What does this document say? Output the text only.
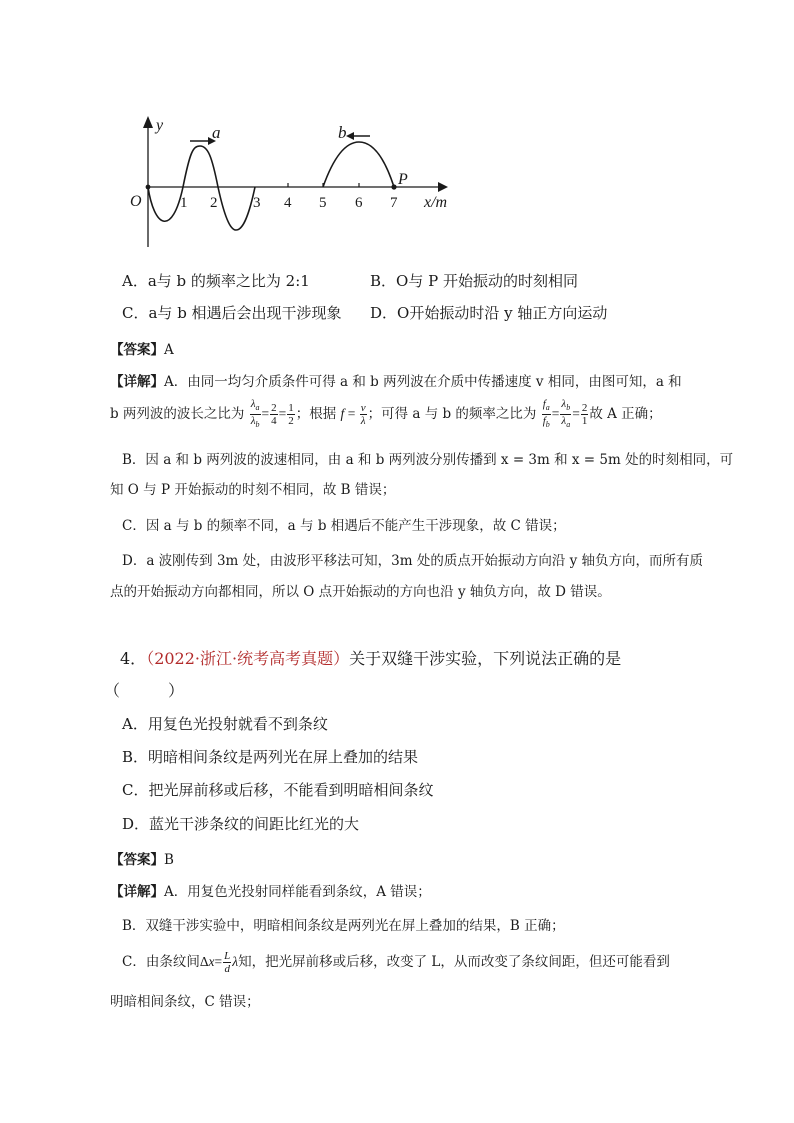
y
x/m
O	1 2 3 4 5 6 7
a	b
P
A．a与 b 的频率之比为 2:1	B．O与 P 开始振动的时刻相同
C．a与 b 相遇后会出现干涉现象 D．O开始振动时沿 y 轴正方向运动
【答案】A
【详解】A．由同一均匀介质条件可得 a 和 b 两列波在介质中传播速度 v 相同，由图可知，a 和
b 两列波的波长之比为 $\frac{\lambda_a}{\lambda_b} = \frac{2}{4} = \frac{1}{2}$ ；根据 $f = \frac{v}{\lambda}$ ；可得 a 与 b 的频率之比为 $\frac{f_a}{f_b} = \frac{\lambda_b}{\lambda_a} = \frac{2}{1}$ 故 A 正确；
B．因 a 和 b 两列波的波速相同，由 a 和 b 两列波分别传播到 x = 3m 和 x = 5m 处的时刻相同，可
知 O 与 P 开始振动的时刻不相同，故 B 错误；
C．因 a 与 b 的频率不同，a 与 b 相遇后不能产生干涉现象，故 C 错误；
D．a 波刚传到 3m 处，由波形平移法可知，3m 处的质点开始振动方向沿 y 轴负方向，而所有质
点的开始振动方向都相同，所以 O 点开始振动的方向也沿 y 轴负方向，故 D 错误。
4．（2022·浙江·统考高考真题）关于双缝干涉实验，下列说法正确的是
（　　　）
A．用复色光投射就看不到条纹
B．明暗相间条纹是两列光在屏上叠加的结果
C．把光屏前移或后移，不能看到明暗相间条纹
D．蓝光干涉条纹的间距比红光的大
【答案】B
【详解】A．用复色光投射同样能看到条纹，A 错误；
B．双缝干涉实验中，明暗相间条纹是两列光在屏上叠加的结果，B 正确；
C．由条纹间$\Delta x= \frac{L}{d}$ λ知，把光屏前移或后移，改变了 L，从而改变了条纹间距，但还可能看到
明暗相间条纹，C 错误；
